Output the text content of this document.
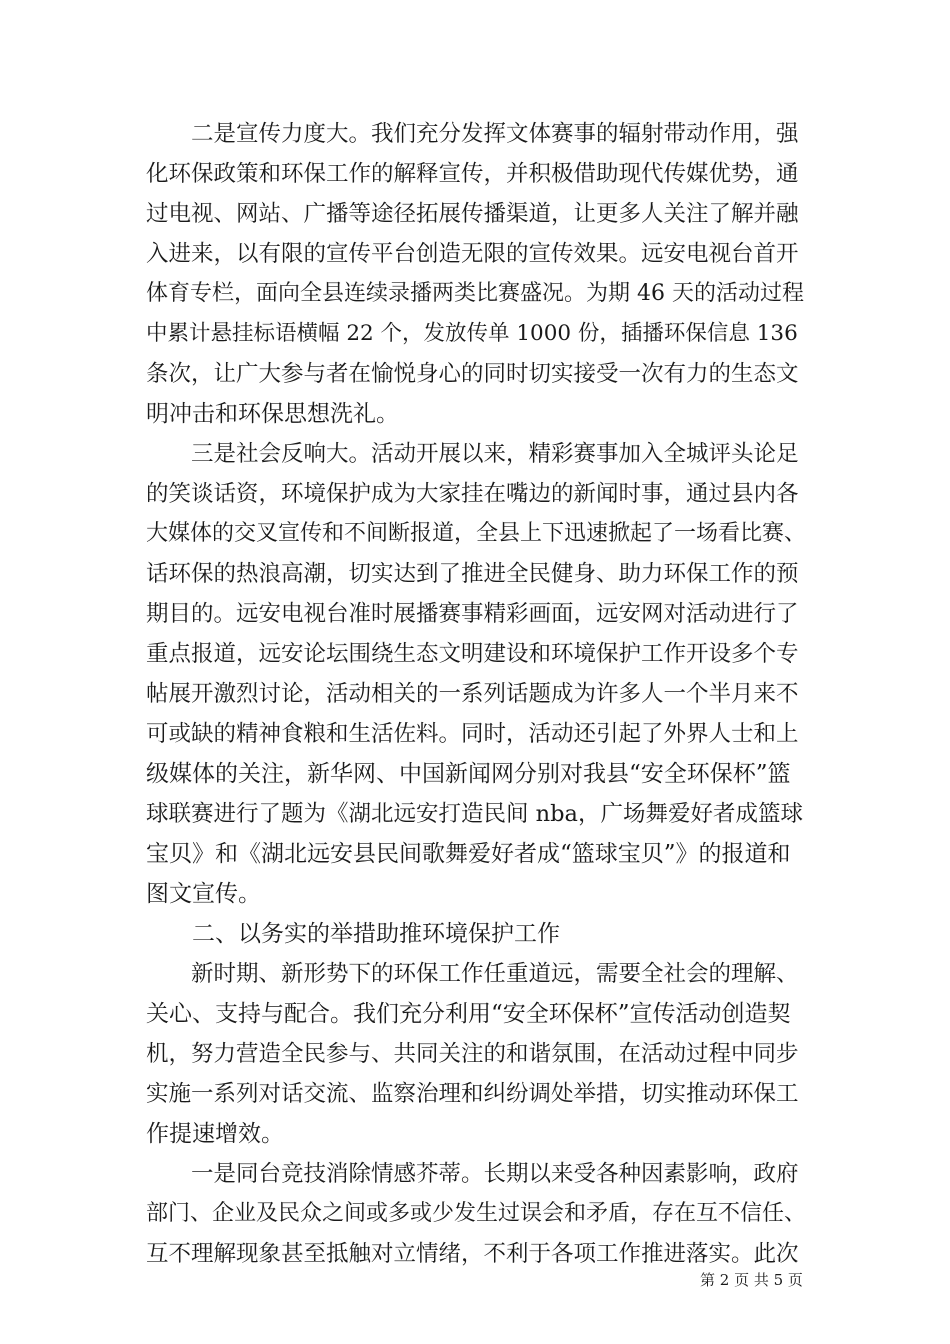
　　二是宣传力度大。我们充分发挥文体赛事的辐射带动作用，强
化环保政策和环保工作的解释宣传，并积极借助现代传媒优势，通
过电视、网站、广播等途径拓展传播渠道，让更多人关注了解并融
入进来，以有限的宣传平台创造无限的宣传效果。远安电视台首开
体育专栏，面向全县连续录播两类比赛盛况。为期 46 天的活动过程
中累计悬挂标语横幅 22 个，发放传单 1000 份，插播环保信息 136
条次，让广大参与者在愉悦身心的同时切实接受一次有力的生态文
明冲击和环保思想洗礼。
　　三是社会反响大。活动开展以来，精彩赛事加入全城评头论足
的笑谈话资，环境保护成为大家挂在嘴边的新闻时事，通过县内各
大媒体的交叉宣传和不间断报道，全县上下迅速掀起了一场看比赛、
话环保的热浪高潮，切实达到了推进全民健身、助力环保工作的预
期目的。远安电视台准时展播赛事精彩画面，远安网对活动进行了
重点报道，远安论坛围绕生态文明建设和环境保护工作开设多个专
帖展开激烈讨论，活动相关的一系列话题成为许多人一个半月来不
可或缺的精神食粮和生活佐料。同时，活动还引起了外界人士和上
级媒体的关注，新华网、中国新闻网分别对我县“安全环保杯”篮
球联赛进行了题为《湖北远安打造民间 nba，广场舞爱好者成篮球
宝贝》和《湖北远安县民间歌舞爱好者成“篮球宝贝”》的报道和
图文宣传。
　　二、以务实的举措助推环境保护工作
　　新时期、新形势下的环保工作任重道远，需要全社会的理解、
关心、支持与配合。我们充分利用“安全环保杯”宣传活动创造契
机，努力营造全民参与、共同关注的和谐氛围，在活动过程中同步
实施一系列对话交流、监察治理和纠纷调处举措，切实推动环保工
作提速增效。
　　一是同台竞技消除情感芥蒂。长期以来受各种因素影响，政府
部门、企业及民众之间或多或少发生过误会和矛盾，存在互不信任、
互不理解现象甚至抵触对立情绪，不利于各项工作推进落实。此次
第 2 页 共 5 页
